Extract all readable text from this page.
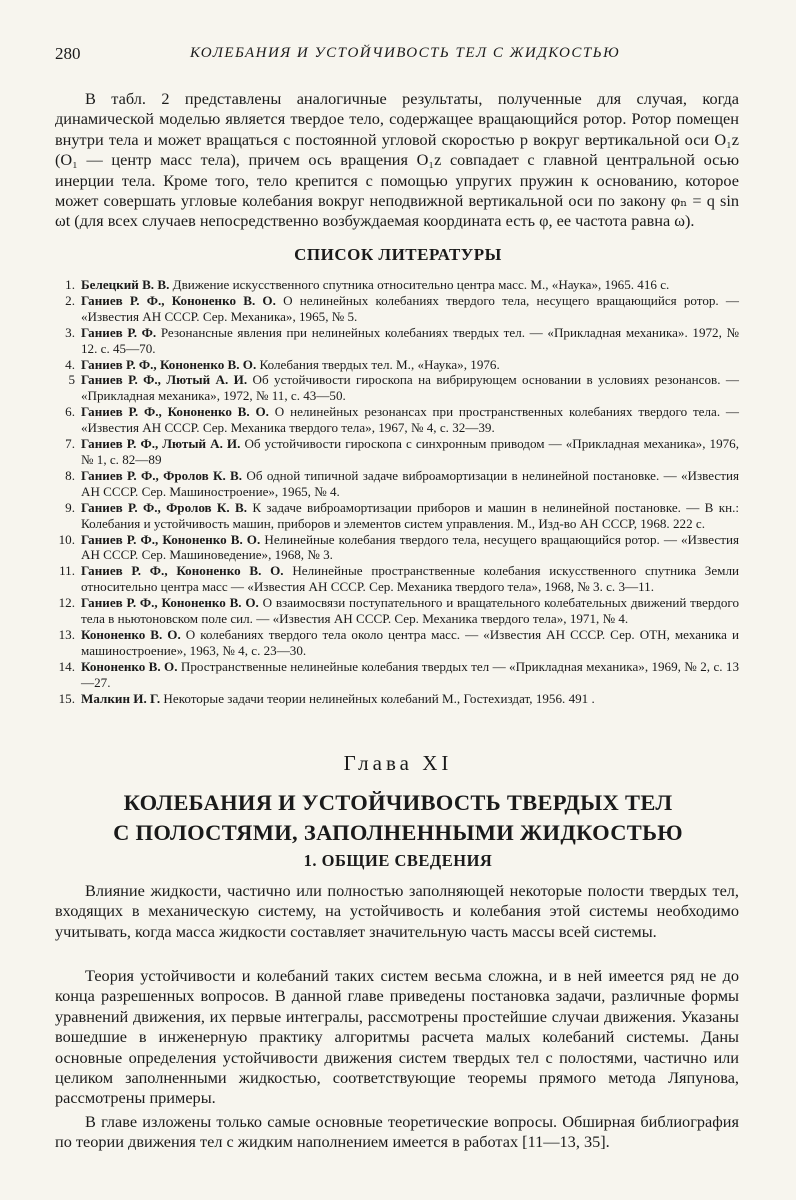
280	КОЛЕБАНИЯ И УСТОЙЧИВОСТЬ ТЕЛ С ЖИДКОСТЬЮ

В табл. 2 представлены аналогичные результаты, полученные для случая, когда динамической моделью является твердое тело, содержащее вращающийся ротор. Ротор помещен внутри тела и может вращаться с постоянной угловой скоростью p вокруг вертикальной оси O₁z (O₁ — центр масс тела), причем ось вращения O₁z совпадает с главной центральной осью инерции тела. Кроме того, тело крепится с помощью упругих пружин к основанию, которое может совершать угловые колебания вокруг неподвижной вертикальной оси по закону φₙ = q sin ωt (для всех случаев непосредственно возбуждаемая координата есть φ, ее частота равна ω).

СПИСОК ЛИТЕРАТУРЫ
1. Белецкий В. В. Движение искусственного спутника относительно центра масс. М., «Наука», 1965. 416 с.
2. Ганиев Р. Ф., Кононенко В. О. О нелинейных колебаниях твердого тела, несущего вращающийся ротор. — «Известия АН СССР. Сер. Механика», 1965, № 5.
3. Ганиев Р. Ф. Резонансные явления при нелинейных колебаниях твердых тел. — «Прикладная механика». 1972, № 12. с. 45—70.
4. Ганиев Р. Ф., Кононенко В. О. Колебания твердых тел. М., «Наука», 1976.
5 Ганиев Р. Ф., Лютый А. И. Об устойчивости гироскопа на вибрирующем основании в условиях резонансов. — «Прикладная механика», 1972, № 11, с. 43—50.
6. Ганиев Р. Ф., Кононенко В. О. О нелинейных резонансах при пространственных колебаниях твердого тела. — «Известия АН СССР. Сер. Механика твердого тела», 1967, № 4, с. 32—39.
7. Ганиев Р. Ф., Лютый А. И. Об устойчивости гироскопа с синхронным приводом — «Прикладная механика», 1976, № 1, с. 82—89
8. Ганиев Р. Ф., Фролов К. В. Об одной типичной задаче виброамортизации в нелинейной постановке. — «Известия АН СССР. Сер. Машиностроение», 1965, № 4.
9. Ганиев Р. Ф., Фролов К. В. К задаче виброамортизации приборов и машин в нелинейной постановке. — В кн.: Колебания и устойчивость машин, приборов и элементов систем управления. М., Изд-во АН СССР, 1968. 222 с.
10. Ганиев Р. Ф., Кононенко В. О. Нелинейные колебания твердого тела, несущего вращающийся ротор. — «Известия АН СССР. Сер. Машиноведение», 1968, № 3.
11. Ганиев Р. Ф., Кононенко В. О. Нелинейные пространственные колебания искусственного спутника Земли относительно центра масс — «Известия АН СССР. Сер. Механика твердого тела», 1968, № 3. с. 3—11.
12. Ганиев Р. Ф., Кононенко В. О. О взаимосвязи поступательного и вращательного колебательных движений твердого тела в ньютоновском поле сил. — «Известия АН СССР. Сер. Механика твердого тела», 1971, № 4.
13. Кононенко В. О. О колебаниях твердого тела около центра масс. — «Известия АН СССР. Сер. ОТН, механика и машиностроение», 1963, № 4, с. 23—30.
14. Кононенко В. О. Пространственные нелинейные колебания твердых тел — «Прикладная механика», 1969, № 2, с. 13—27.
15. Малкин И. Г. Некоторые задачи теории нелинейных колебаний М., Гостехиздат, 1956. 491 .
Глава XI
КОЛЕБАНИЯ И УСТОЙЧИВОСТЬ ТВЕРДЫХ ТЕЛ
С ПОЛОСТЯМИ, ЗАПОЛНЕННЫМИ ЖИДКОСТЬЮ
1. ОБЩИЕ СВЕДЕНИЯ

Влияние жидкости, частично или полностью заполняющей некоторые полости твердых тел, входящих в механическую систему, на устойчивость и колебания этой системы необходимо учитывать, когда масса жидкости составляет значительную часть массы всей системы.

Теория устойчивости и колебаний таких систем весьма сложна, и в ней имеется ряд не до конца разрешенных вопросов. В данной главе приведены постановка задачи, различные формы уравнений движения, их первые интегралы, рассмотрены простейшие случаи движения. Указаны вошедшие в инженерную практику алгоритмы расчета малых колебаний системы. Даны основные определения устойчивости движения систем твердых тел с полостями, частично или целиком заполненными жидкостью, соответствующие теоремы прямого метода Ляпунова, рассмотрены примеры.

В главе изложены только самые основные теоретические вопросы. Обширная библиография по теории движения тел с жидким наполнением имеется в работах [11—13, 35].
